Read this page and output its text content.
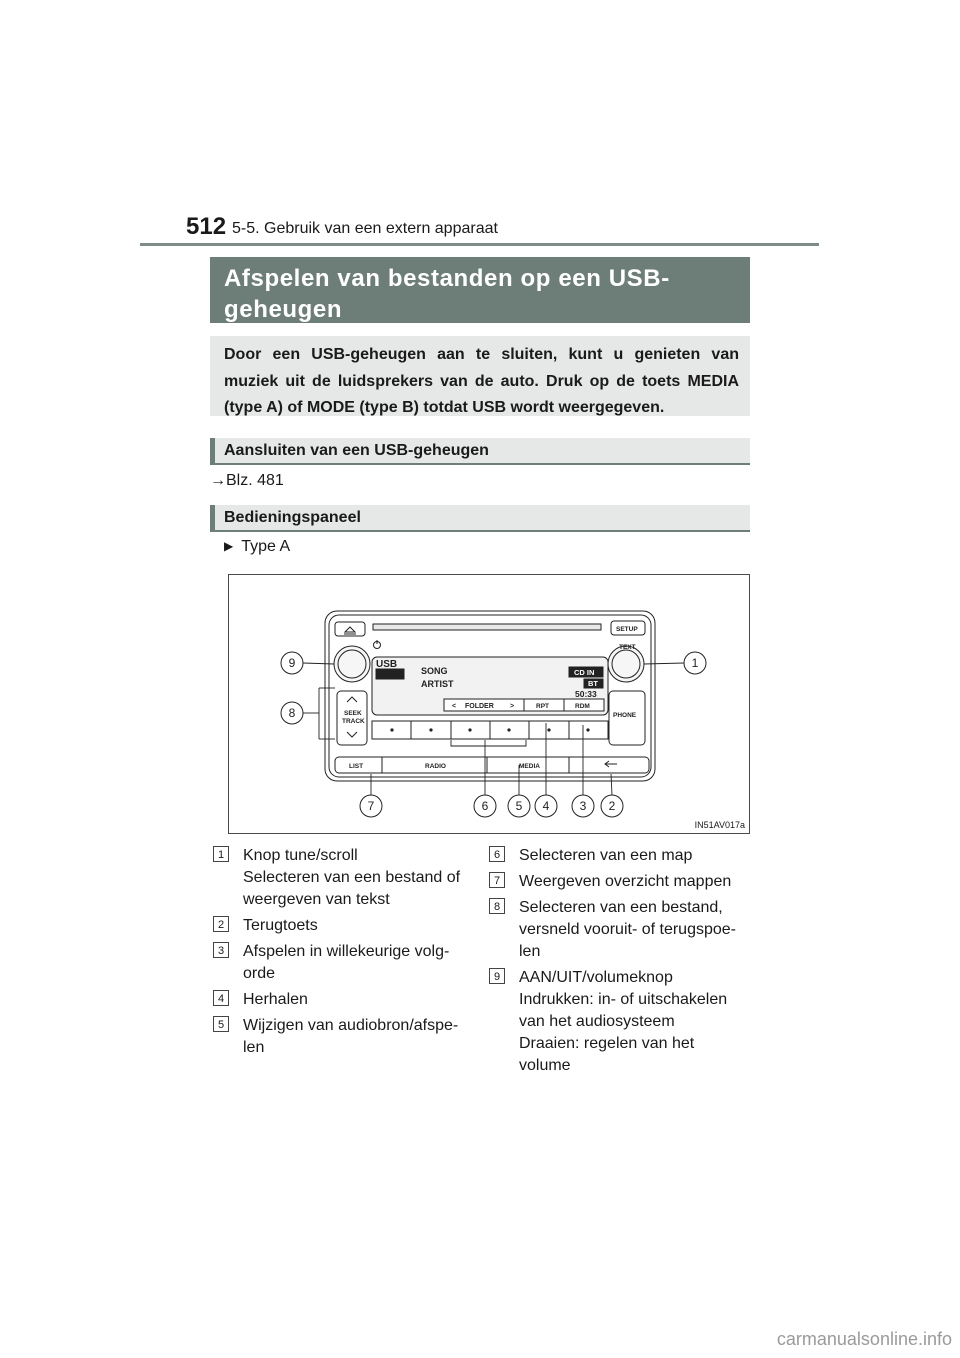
512 5-5. Gebruik van een extern apparaat
Afspelen van bestanden op een USB-
geheugen
Door een USB-geheugen aan te sluiten, kunt u genieten van
muziek uit de luidsprekers van de auto. Druk op de toets MEDIA
(type A) of MODE (type B) totdat USB wordt weergegeven.
Aansluiten van een USB-geheugen
→Blz. 481
Bedieningspaneel
▶ Type A
TEXT
SETUP
USB
SONG
ARTIST
CD IN
BT
50:33
FOLDER
<	>	RPT	RDM
SEEK
TRACK
PHONE
LIST	RADIO	MEDIA
1
2
3
4
5
6
7
8
9
IN51AV017a
1	Knop tune/scroll
Selecteren van een bestand of
weergeven van tekst
2	Terugtoets
3	Afspelen in willekeurige volg-
orde
4	Herhalen
5	Wijzigen van audiobron/afspe-
len
6	Selecteren van een map
7	Weergeven overzicht mappen
8	Selecteren van een bestand,
versneld vooruit- of terugspoe-
len
9	AAN/UIT/volumeknop
Indrukken: in- of uitschakelen
van het audiosysteem
Draaien: regelen van het
volume
carmanualsonline.info
